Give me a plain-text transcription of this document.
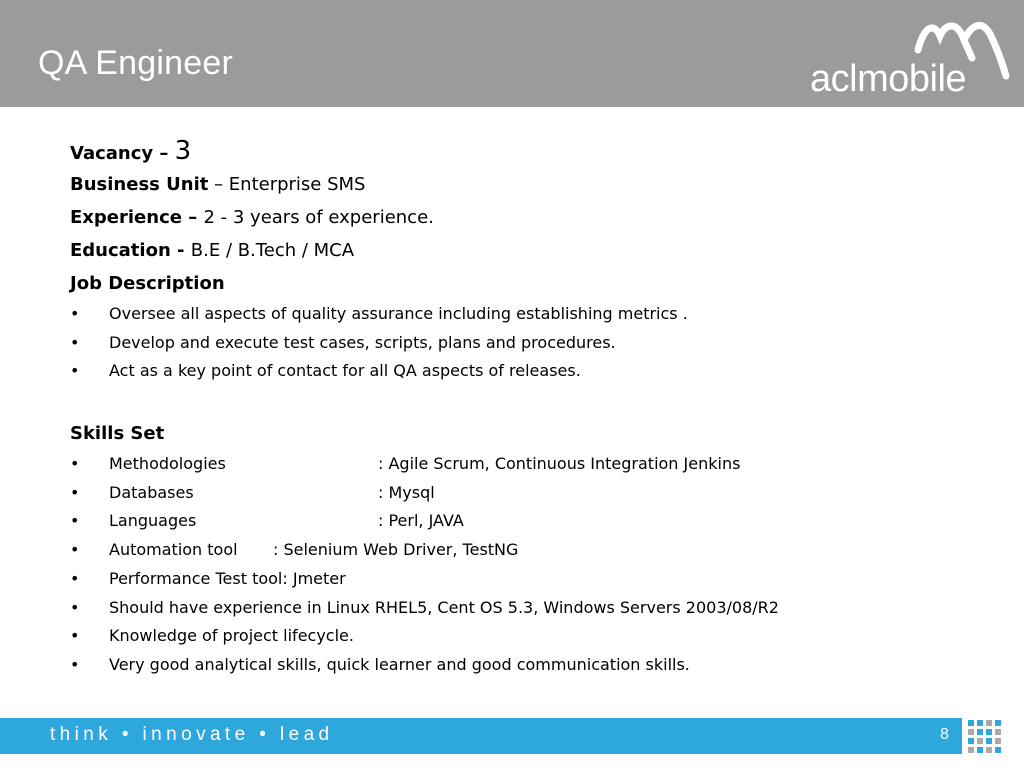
QA Engineer	aclmobile
Vacancy – 3
Business Unit – Enterprise SMS
Experience – 2 - 3 years of experience.
Education - B.E / B.Tech / MCA
Job Description
• Oversee all aspects of quality assurance including establishing metrics .
• Develop and execute test cases, scripts, plans and procedures.
• Act as a key point of contact for all QA aspects of releases.
Skills Set
• Methodologies	: Agile Scrum, Continuous Integration Jenkins
• Databases	: Mysql
• Languages	: Perl, JAVA
• Automation tool : Selenium Web Driver, TestNG
• Performance Test tool: Jmeter
• Should have experience in Linux RHEL5, Cent OS 5.3, Windows Servers 2003/08/R2
• Knowledge of project lifecycle.
• Very good analytical skills, quick learner and good communication skills.
think • innovate • lead	8
